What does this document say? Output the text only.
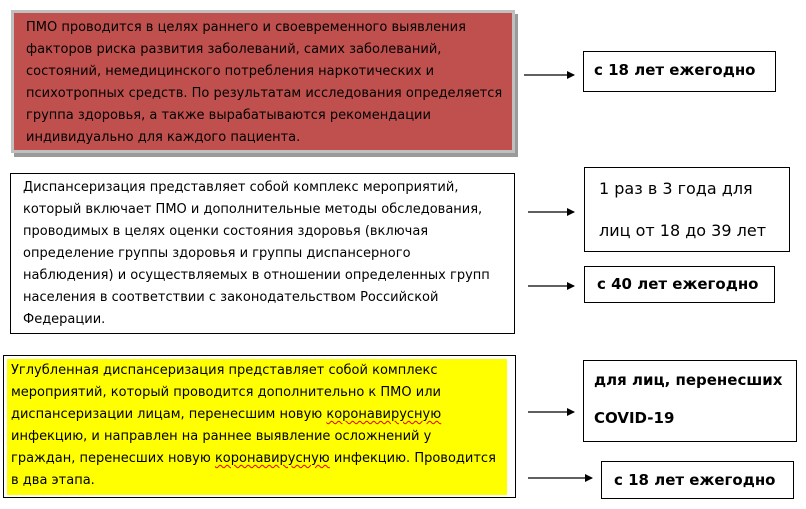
ПМО проводится в целях раннего и своевременного выявления
факторов риска развития заболеваний, самих заболеваний,
состояний, немедицинского потребления наркотических и
психотропных средств. По результатам исследования определяется
группа здоровья, а также вырабатываются рекомендации
индивидуально для каждого пациента.
с 18 лет ежегодно
Диспансеризация представляет собой комплекс мероприятий,
который включает ПМО и дополнительные методы обследования,
проводимых в целях оценки состояния здоровья (включая
определение группы здоровья и группы диспансерного
наблюдения) и осуществляемых в отношении определенных групп
населения в соответствии с законодательством Российской
Федерации.
1 раз в 3 года для
лиц от 18 до 39 лет
с 40 лет ежегодно
Углубленная диспансеризация представляет собой комплекс
мероприятий, который проводится дополнительно к ПМО или
диспансеризации лицам, перенесшим новую коронавирусную
инфекцию, и направлен на раннее выявление осложнений у
граждан, перенесших новую коронавирусную инфекцию. Проводится
в два этапа.
для лиц, перенесших
COVID-19
с 18 лет ежегодно
